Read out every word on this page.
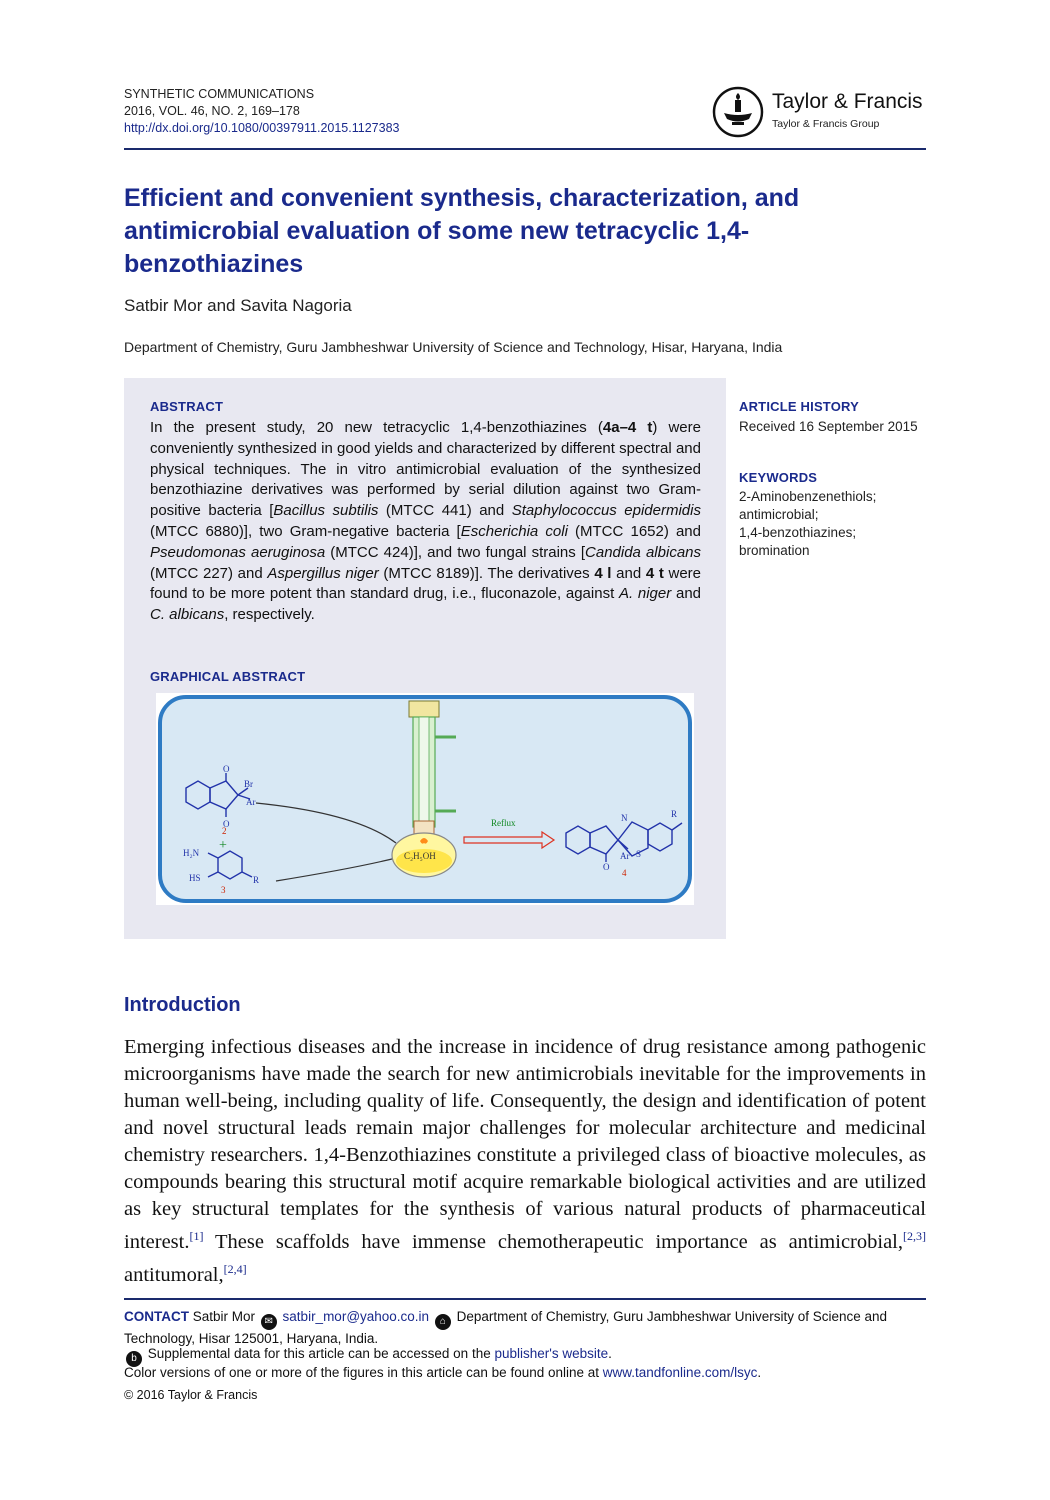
SYNTHETIC COMMUNICATIONS
2016, VOL. 46, NO. 2, 169–178
http://dx.doi.org/10.1080/00397911.2015.1127383
Taylor & Francis
Taylor & Francis Group
Efficient and convenient synthesis, characterization, and antimicrobial evaluation of some new tetracyclic 1,4-benzothiazines
Satbir Mor and Savita Nagoria
Department of Chemistry, Guru Jambheshwar University of Science and Technology, Hisar, Haryana, India
ABSTRACT
In the present study, 20 new tetracyclic 1,4-benzothiazines (4a–4 t) were conveniently synthesized in good yields and characterized by different spectral and physical techniques. The in vitro antimicrobial evaluation of the synthesized benzothiazine derivatives was performed by serial dilution against two Gram-positive bacteria [Bacillus subtilis (MTCC 441) and Staphylococcus epidermidis (MTCC 6880)], two Gram-negative bacteria [Escherichia coli (MTCC 1652) and Pseudomonas aeruginosa (MTCC 424)], and two fungal strains [Candida albicans (MTCC 227) and Aspergillus niger (MTCC 8189)]. The derivatives 4 l and 4 t were found to be more potent than standard drug, i.e., fluconazole, against A. niger and C. albicans, respectively.
GRAPHICAL ABSTRACT
O
O
Br
Ar
2
+
H₂N
HS	R
3
C₂H₅OH
Reflux	N
S
Ar
O
R
4
ARTICLE HISTORY
Received 16 September 2015
KEYWORDS
2-Aminobenzenethiols;
antimicrobial;
1,4-benzothiazines;
bromination
Introduction
Emerging infectious diseases and the increase in incidence of drug resistance among pathogenic microorganisms have made the search for new antimicrobials inevitable for the improvements in human well-being, including quality of life. Consequently, the design and identification of potent and novel structural leads remain major challenges for molecular architecture and medicinal chemistry researchers. 1,4-Benzothiazines constitute a privileged class of bioactive molecules, as compounds bearing this structural motif acquire remarkable biological activities and are utilized as key structural templates for the synthesis of various natural products of pharmaceutical interest.[1] These scaffolds have immense chemotherapeutic importance as antimicrobial,[2,3] antitumoral,[2,4]
CONTACT Satbir Mor ✉ satbir_mor@yahoo.co.in ⌂ Department of Chemistry, Guru Jambheshwar University of Science and Technology, Hisar 125001, Haryana, India.
b Supplemental data for this article can be accessed on the publisher's website.
Color versions of one or more of the figures in this article can be found online at www.tandfonline.com/lsyc.
© 2016 Taylor & Francis
